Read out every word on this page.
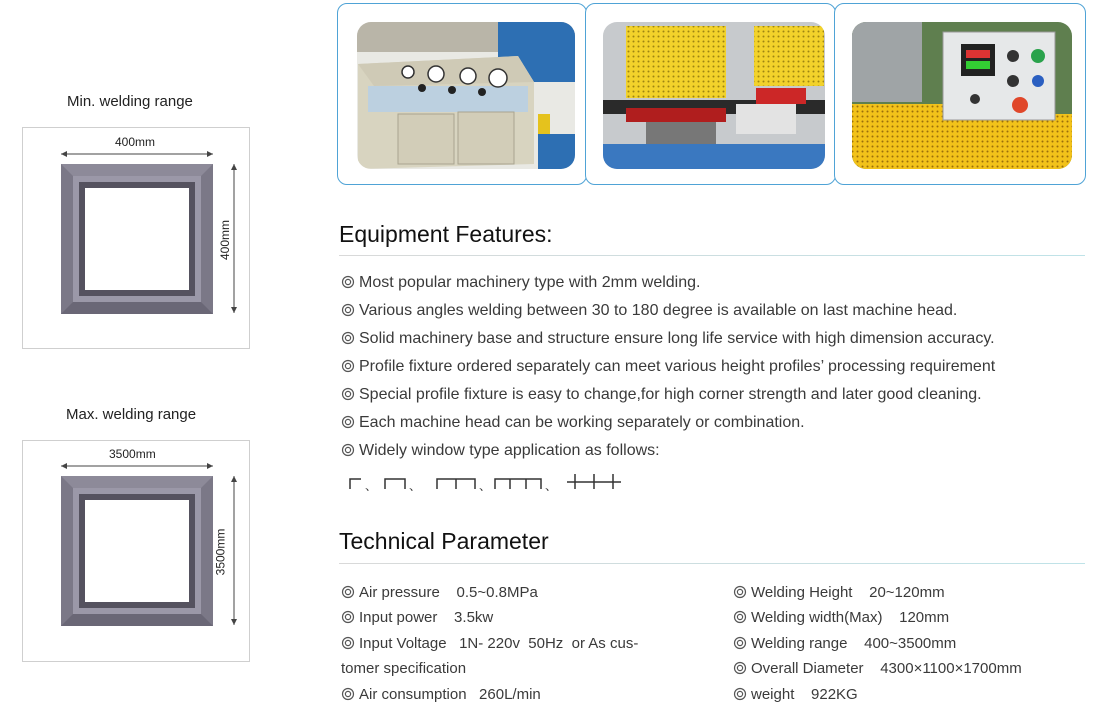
Min. welding range
400mm
400mm
Max. welding range
3500mm
3500mm
Equipment Features:
Most popular machinery type with 2mm welding.
Various angles welding between 30 to 180 degree is available on last machine head.
Solid machinery base and structure ensure long life service with high dimension accuracy.
Profile fixture ordered separately can meet various height profiles’ processing requirement
Special profile fixture is easy to change,for high corner strength and later good cleaning.
Each machine head can be working separately or combination.
Widely window type application as follows:
、	、	、	、
Technical Parameter
Air pressure    0.5~0.8MPa
Input power    3.5kw
Input Voltage   1N- 220v  50Hz  or As cus-
tomer specification
Air consumption   260L/min
Welding Height    20~120mm
Welding width(Max)    120mm
Welding range    400~3500mm
Overall Diameter    4300×1100×1700mm
weight    922KG
